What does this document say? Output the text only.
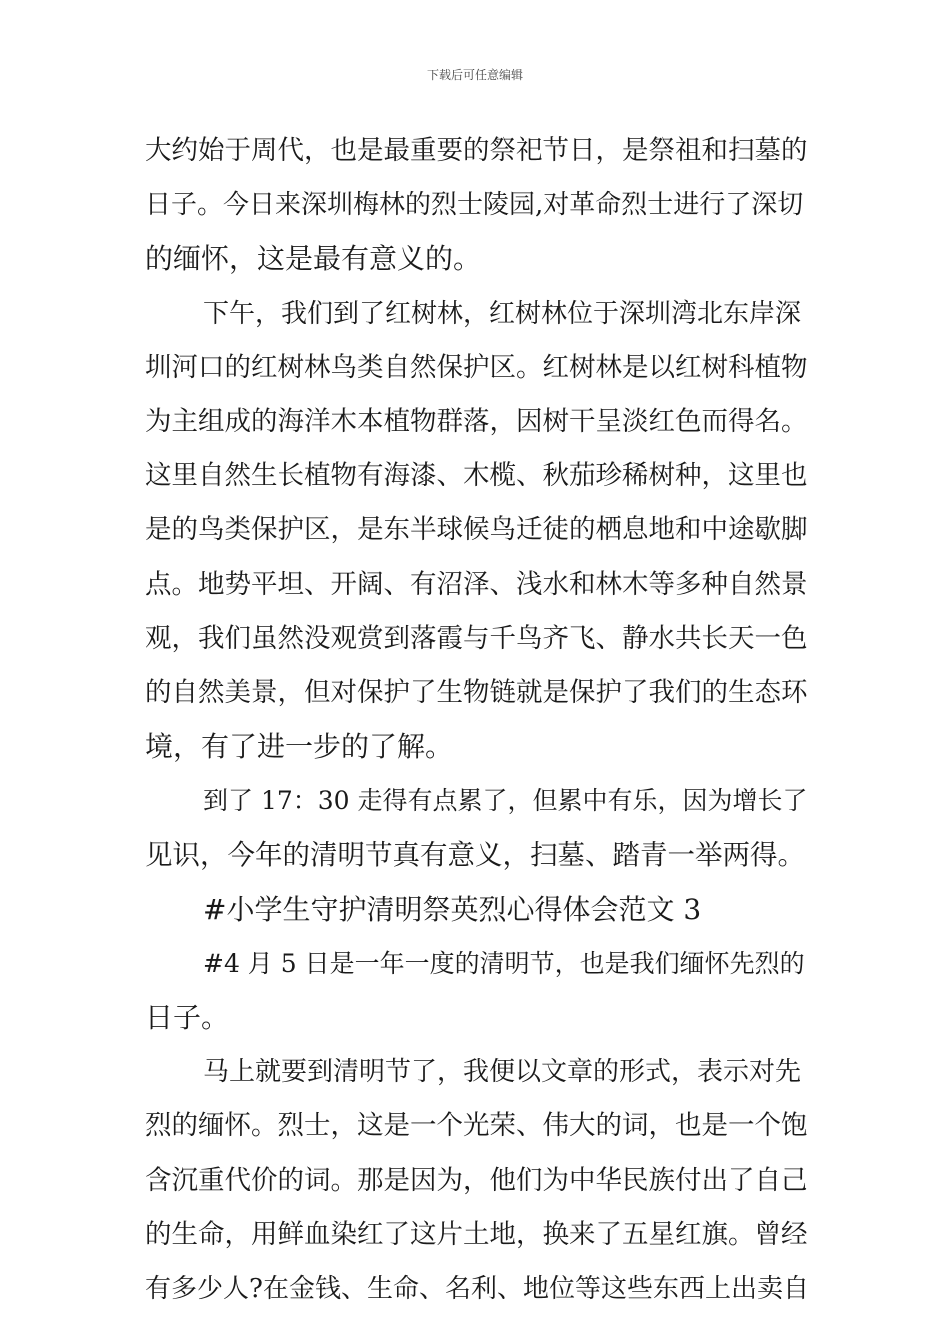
下载后可任意编辑
大约始于周代，也是最重要的祭祀节日，是祭祖和扫墓的
日子。今日来深圳梅林的烈士陵园,对革命烈士进行了深切
的缅怀，这是最有意义的。
下午，我们到了红树林，红树林位于深圳湾北东岸深
圳河口的红树林鸟类自然保护区。红树林是以红树科植物
为主组成的海洋木本植物群落，因树干呈淡红色而得名。
这里自然生长植物有海漆、木榄、秋茄珍稀树种，这里也
是的鸟类保护区，是东半球候鸟迁徒的栖息地和中途歇脚
点。地势平坦、开阔、有沼泽、浅水和林木等多种自然景
观，我们虽然没观赏到落霞与千鸟齐飞、静水共长天一色
的自然美景，但对保护了生物链就是保护了我们的生态环
境，有了进一步的了解。
到了 17：30 走得有点累了，但累中有乐，因为增长了
见识，今年的清明节真有意义，扫墓、踏青一举两得。
#小学生守护清明祭英烈心得体会范文 3
#4 月 5 日是一年一度的清明节，也是我们缅怀先烈的
日子。
马上就要到清明节了，我便以文章的形式，表示对先
烈的缅怀。烈士，这是一个光荣、伟大的词，也是一个饱
含沉重代价的词。那是因为，他们为中华民族付出了自己
的生命，用鲜血染红了这片土地，换来了五星红旗。曾经
有多少人?在金钱、生命、名利、地位等这些东西上出卖自
